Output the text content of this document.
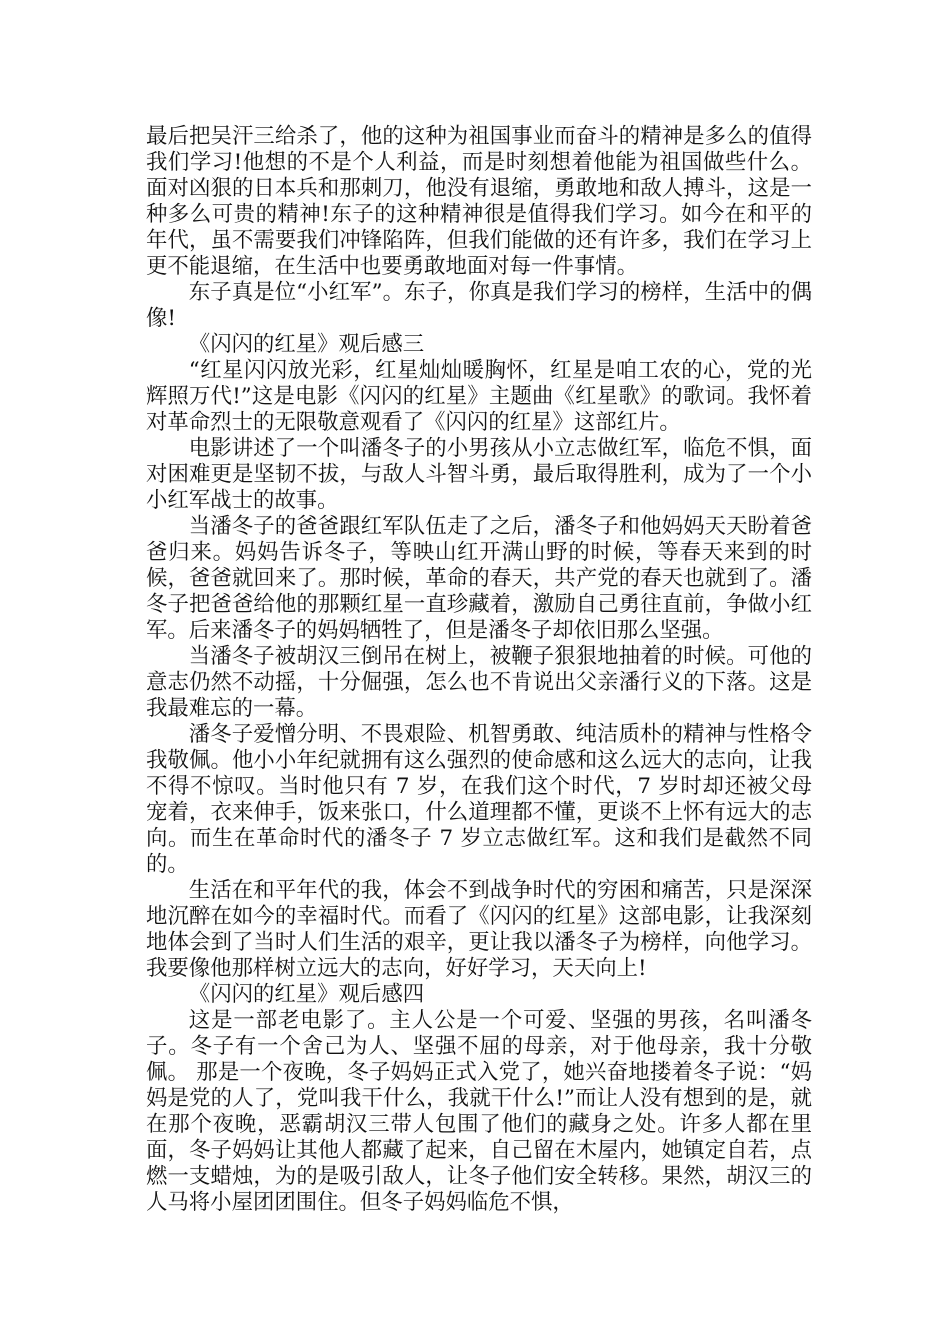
最后把吴汗三给杀了，他的这种为祖国事业而奋斗的精神是多么的值得我们学习!他想的不是个人利益，而是时刻想着他能为祖国做些什么。面对凶狠的日本兵和那刺刀，他没有退缩，勇敢地和敌人搏斗，这是一种多么可贵的精神!东子的这种精神很是值得我们学习。如今在和平的年代，虽不需要我们冲锋陷阵，但我们能做的还有许多，我们在学习上更不能退缩，在生活中也要勇敢地面对每一件事情。

东子真是位“小红军”。东子，你真是我们学习的榜样，生活中的偶像!

《闪闪的红星》观后感三

“红星闪闪放光彩，红星灿灿暖胸怀，红星是咱工农的心，党的光辉照万代!”这是电影《闪闪的红星》主题曲《红星歌》的歌词。我怀着对革命烈士的无限敬意观看了《闪闪的红星》这部红片。

电影讲述了一个叫潘冬子的小男孩从小立志做红军，临危不惧，面对困难更是坚韧不拔，与敌人斗智斗勇，最后取得胜利，成为了一个小小红军战士的故事。

当潘冬子的爸爸跟红军队伍走了之后，潘冬子和他妈妈天天盼着爸爸归来。妈妈告诉冬子，等映山红开满山野的时候，等春天来到的时候，爸爸就回来了。那时候，革命的春天，共产党的春天也就到了。潘冬子把爸爸给他的那颗红星一直珍藏着，激励自己勇往直前，争做小红军。后来潘冬子的妈妈牺牲了，但是潘冬子却依旧那么坚强。

当潘冬子被胡汉三倒吊在树上，被鞭子狠狠地抽着的时候。可他的意志仍然不动摇，十分倔强，怎么也不肯说出父亲潘行义的下落。这是我最难忘的一幕。

潘冬子爱憎分明、不畏艰险、机智勇敢、纯洁质朴的精神与性格令我敬佩。他小小年纪就拥有这么强烈的使命感和这么远大的志向，让我不得不惊叹。当时他只有 7 岁，在我们这个时代，7 岁时却还被父母宠着，衣来伸手，饭来张口，什么道理都不懂，更谈不上怀有远大的志向。而生在革命时代的潘冬子 7 岁立志做红军。这和我们是截然不同的。

生活在和平年代的我，体会不到战争时代的穷困和痛苦，只是深深地沉醉在如今的幸福时代。而看了《闪闪的红星》这部电影，让我深刻地体会到了当时人们生活的艰辛，更让我以潘冬子为榜样，向他学习。我要像他那样树立远大的志向，好好学习，天天向上!

《闪闪的红星》观后感四

这是一部老电影了。主人公是一个可爱、坚强的男孩，名叫潘冬子。冬子有一个舍己为人、坚强不屈的母亲，对于他母亲，我十分敬佩。 那是一个夜晚，冬子妈妈正式入党了，她兴奋地搂着冬子说：“妈妈是党的人了，党叫我干什么，我就干什么!”而让人没有想到的是，就在那个夜晚，恶霸胡汉三带人包围了他们的藏身之处。许多人都在里面，冬子妈妈让其他人都藏了起来，自己留在木屋内，她镇定自若，点燃一支蜡烛，为的是吸引敌人，让冬子他们安全转移。果然，胡汉三的人马将小屋团团围住。但冬子妈妈临危不惧，
